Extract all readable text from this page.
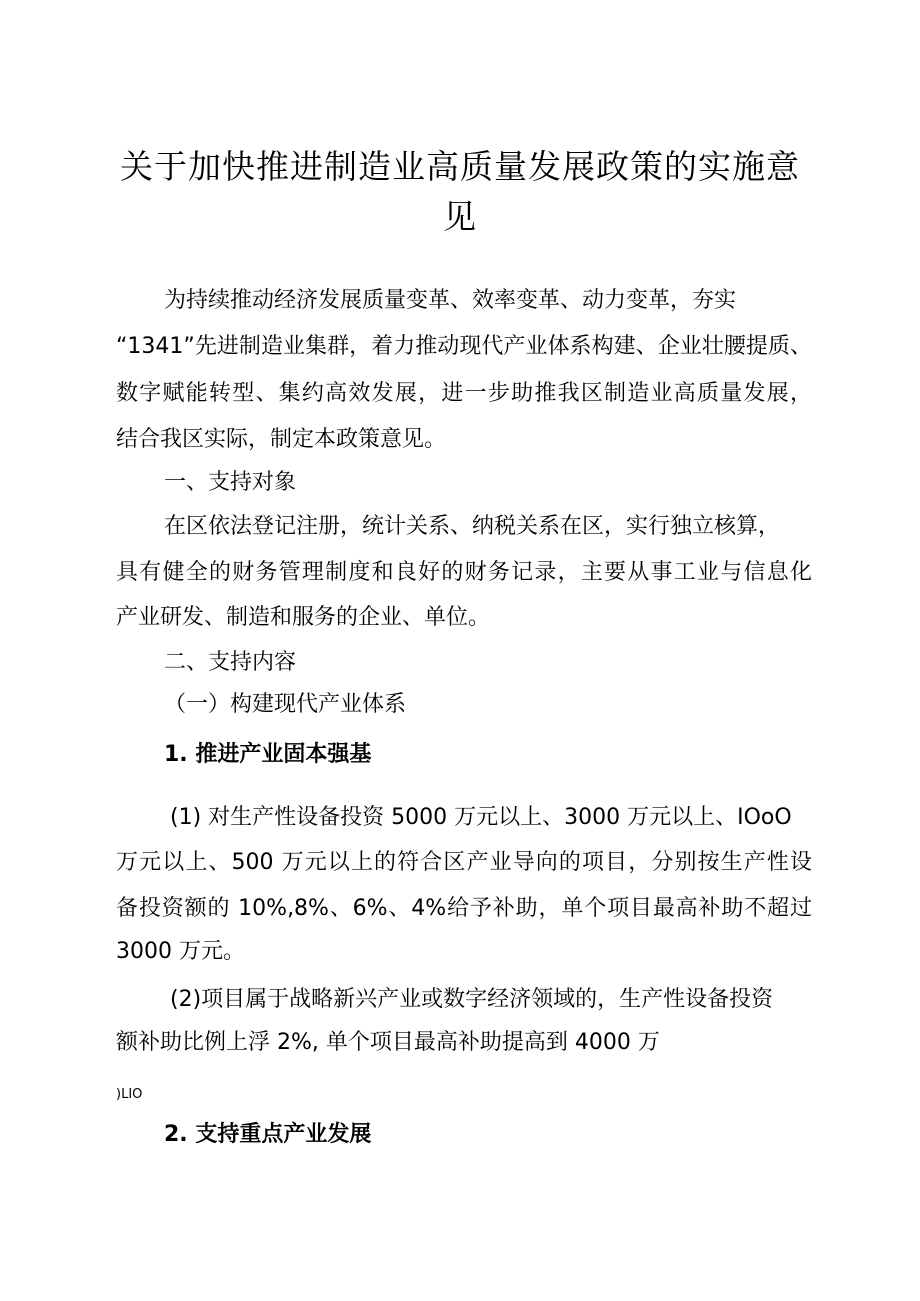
关于加快推进制造业高质量发展政策的实施意
见

为持续推动经济发展质量变革、效率变革、动力变革，夯实

“1341”先进制造业集群，着力推动现代产业体系构建、企业壮腰提质、

数字赋能转型、集约高效发展，进一步助推我区制造业高质量发展，

结合我区实际，制定本政策意见。

一、支持对象

在区依法登记注册，统计关系、纳税关系在区，实行独立核算，

具有健全的财务管理制度和良好的财务记录，主要从事工业与信息化

产业研发、制造和服务的企业、单位。

二、支持内容

（一）构建现代产业体系

1. 推进产业固本强基

(1) 对生产性设备投资 5000 万元以上、3000 万元以上、IOoO

万元以上、500 万元以上的符合区产业导向的项目，分别按生产性设

备投资额的 10%,8%、6%、4%给予补助，单个项目最高补助不超过

3000 万元。

(2)项目属于战略新兴产业或数字经济领域的，生产性设备投资

额补助比例上浮 2%, 单个项目最高补助提高到 4000 万

)LIO

2. 支持重点产业发展
